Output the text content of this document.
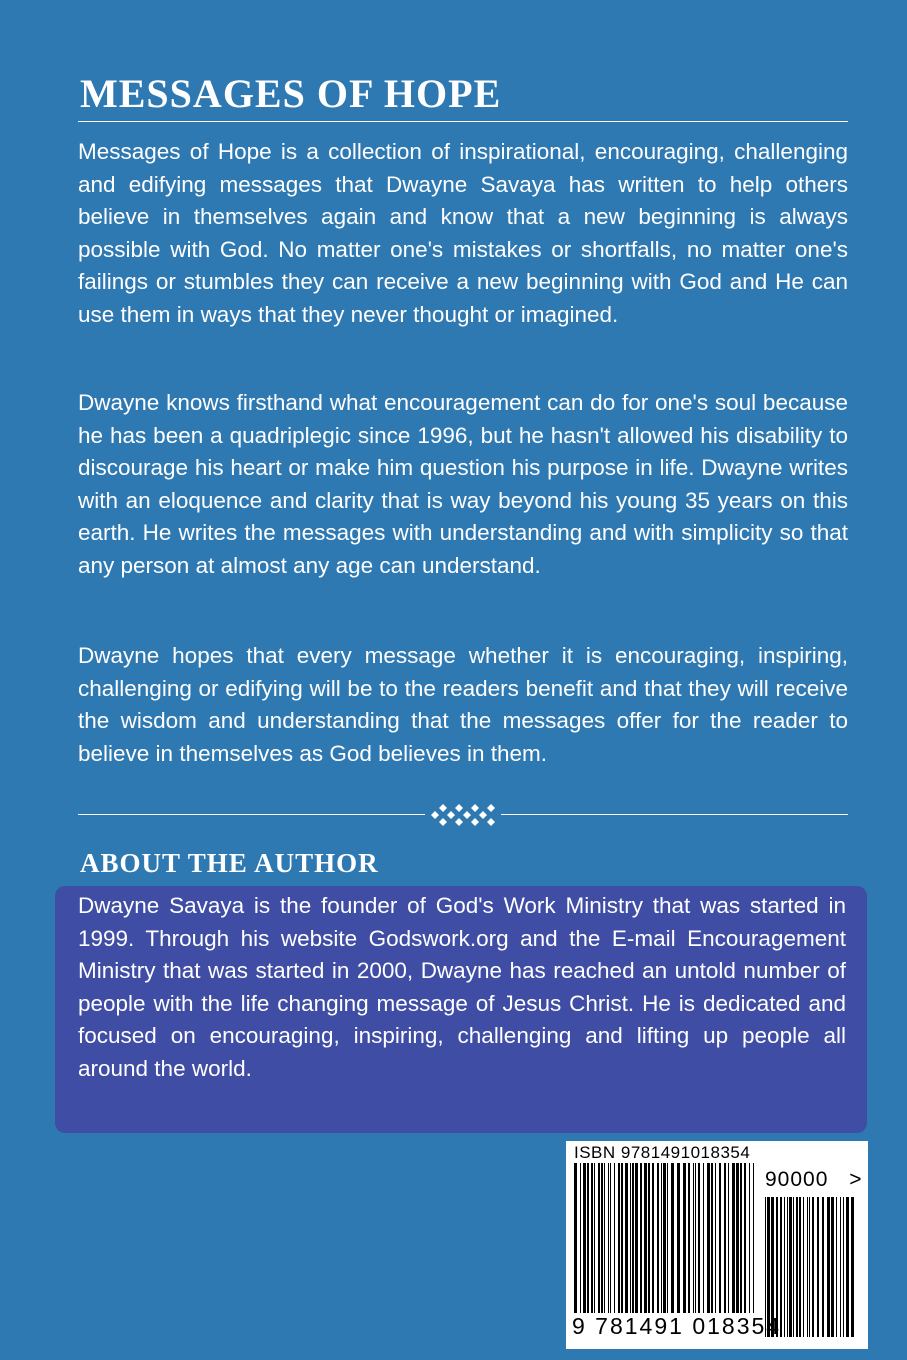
MESSAGES OF HOPE

Messages of Hope is a collection of inspirational, encouraging, challenging and edifying messages that Dwayne Savaya has written to help others believe in themselves again and know that a new beginning is always possible with God. No matter one's mistakes or shortfalls, no matter one's failings or stumbles they can receive a new beginning with God and He can use them in ways that they never thought or imagined.

Dwayne knows firsthand what encouragement can do for one's soul because he has been a quadriplegic since 1996, but he hasn't allowed his disability to discourage his heart or make him question his purpose in life. Dwayne writes with an eloquence and clarity that is way beyond his young 35 years on this earth. He writes the messages with understanding and with simplicity so that any person at almost any age can understand.

Dwayne hopes that every message whether it is encouraging, inspiring, challenging or edifying will be to the readers benefit and that they will receive the wisdom and understanding that the messages offer for the reader to believe in themselves as God believes in them.

ABOUT THE AUTHOR

Dwayne Savaya is the founder of God's Work Ministry that was started in 1999. Through his website Godswork.org and the E-mail Encouragement Ministry that was started in 2000, Dwayne has reached an untold number of people with the life changing message of Jesus Christ. He is dedicated and focused on encouraging, inspiring, challenging and lifting up people all around the world.

ISBN 9781491018354
90000 >
9 781491 018354
